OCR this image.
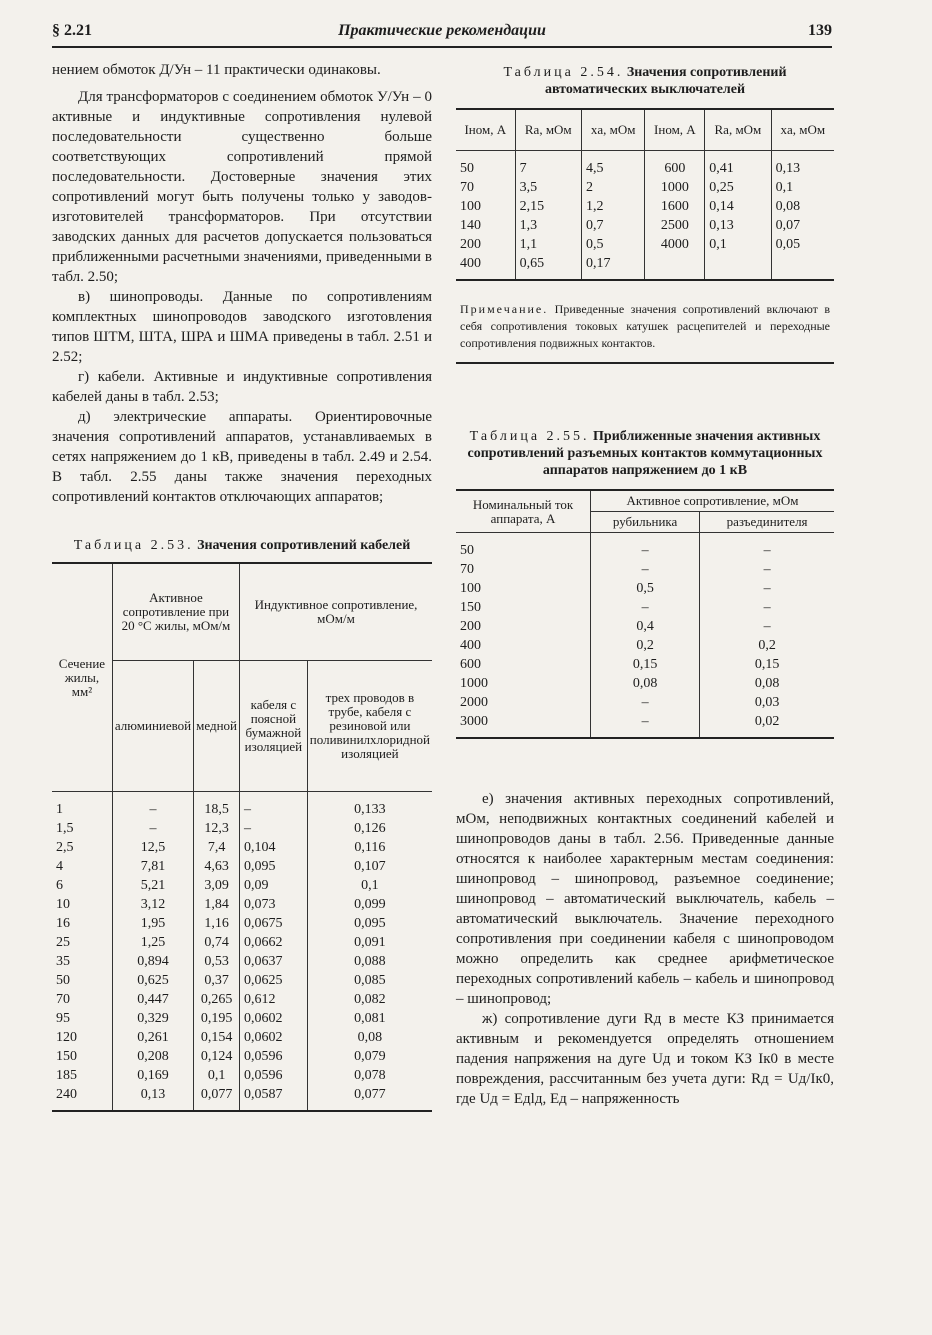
§ 2.21	Практические рекомендации	139

нением обмоток Д/Ун – 11 практически одинаковы.

Для трансформаторов с соединением обмоток У/Ун – 0 активные и индуктивные сопротивления нулевой последовательности существенно больше соответствующих сопротивлений прямой последовательности. Достоверные значения этих сопротивлений могут быть получены только у заводов-изготовителей трансформаторов. При отсутствии заводских данных для расчетов допускается пользоваться приближенными расчетными значениями, приведенными в табл. 2.50;

в) шинопроводы. Данные по сопротивлениям комплектных шинопроводов заводского изготовления типов ШТМ, ШТА, ШРА и ШМА приведены в табл. 2.51 и 2.52;

г) кабели. Активные и индуктивные сопротивления кабелей даны в табл. 2.53;

д) электрические аппараты. Ориентировочные значения сопротивлений аппаратов, устанавливаемых в сетях напряжением до 1 кВ, приведены в табл. 2.49 и 2.54. В табл. 2.55 даны также значения переходных сопротивлений контактов отключающих аппаратов;

Таблица 2.53. Значения сопротивлений кабелей

Сечение жилы, мм²	Активное сопротивление при 20 °С жилы, мОм/м		Индуктивное сопротивление, мОм/м	
	алюминиевой	медной	кабеля с поясной бумажной изоляцией	трех проводов в трубе, кабеля с резиновой или поливинилхлоридной изоляцией

1	–	18,5	–	0,133
1,5	–	12,3	–	0,126
2,5	12,5	7,4	0,104	0,116
4	7,81	4,63	0,095	0,107
6	5,21	3,09	0,09	0,1
10	3,12	1,84	0,073	0,099
16	1,95	1,16	0,0675	0,095
25	1,25	0,74	0,0662	0,091
35	0,894	0,53	0,0637	0,088
50	0,625	0,37	0,0625	0,085
70	0,447	0,265	0,612	0,082
95	0,329	0,195	0,0602	0,081
120	0,261	0,154	0,0602	0,08
150	0,208	0,124	0,0596	0,079
185	0,169	0,1	0,0596	0,078
240	0,13	0,077	0,0587	0,077

Таблица 2.54. Значения сопротивлений автоматических выключателей

Iном, А	Rа, мОм	xа, мОм	Iном, А	Rа, мОм	xа, мОм
50	7	4,5	600	0,41	0,13
70	3,5	2	1000	0,25	0,1
100	2,15	1,2	1600	0,14	0,08
140	1,3	0,7	2500	0,13	0,07
200	1,1	0,5	4000	0,1	0,05
400	0,65	0,17			

Примечание. Приведенные значения сопротивлений включают в себя сопротивления токовых катушек расцепителей и переходные сопротивления подвижных контактов.

Таблица 2.55. Приближенные значения активных сопротивлений разъемных контактов коммутационных аппаратов напряжением до 1 кВ

Номинальный ток аппарата, А	Активное сопротивление, мОм	
	рубильника	разъединителя
50	–	–
70	–	–
100	0,5	–
150	–	–
200	0,4	–
400	0,2	0,2
600	0,15	0,15
1000	0,08	0,08
2000	–	0,03
3000	–	0,02

е) значения активных переходных сопротивлений, мОм, неподвижных контактных соединений кабелей и шинопроводов даны в табл. 2.56. Приведенные данные относятся к наиболее характерным местам соединения: шинопровод – шинопровод, разъемное соединение; шинопровод – автоматический выключатель, кабель – автоматический выключатель. Значение переходного сопротивления при соединении кабеля с шинопроводом можно определить как среднее арифметическое переходных сопротивлений кабель – кабель и шинопровод – шинопровод;

ж) сопротивление дуги Rд в месте КЗ принимается активным и рекомендуется определять отношением падения напряжения на дуге Uд и током КЗ Iк0 в месте повреждения, рассчитанным без учета дуги: Rд = Uд/Iк0, где Uд = Едlд, Ед – напряженность
